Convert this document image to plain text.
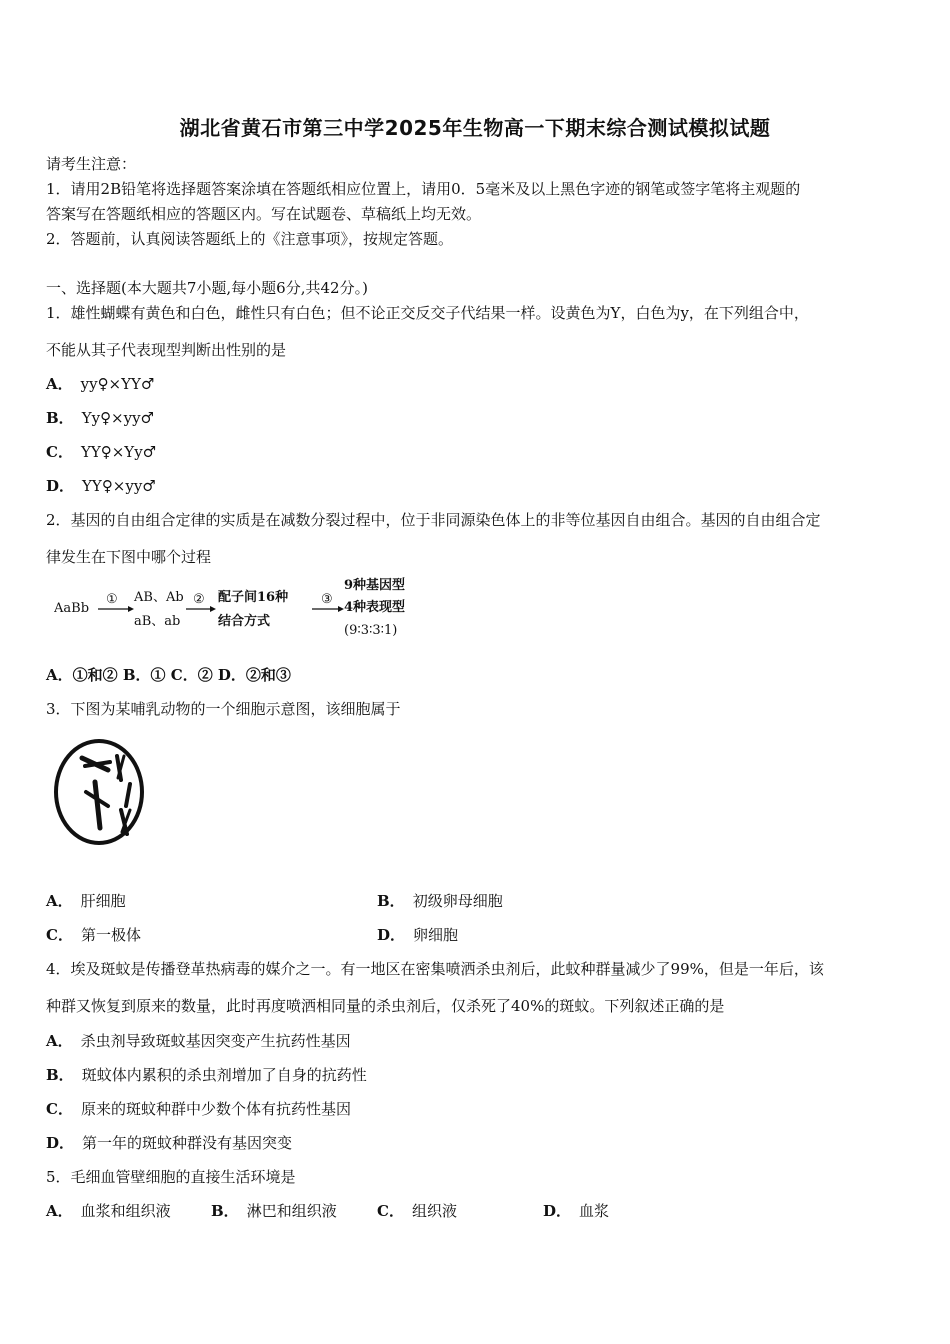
湖北省黄石市第三中学2025年生物高一下期末综合测试模拟试题
请考生注意：
1．请用2B铅笔将选择题答案涂填在答题纸相应位置上，请用0．5毫米及以上黑色字迹的钢笔或签字笔将主观题的
答案写在答题纸相应的答题区内。写在试题卷、草稿纸上均无效。
2．答题前，认真阅读答题纸上的《注意事项》，按规定答题。
一、选择题(本大题共7小题,每小题6分,共42分。)
1．雄性蝴蝶有黄色和白色，雌性只有白色；但不论正交反交子代结果一样。设黄色为Y，白色为y，在下列组合中，
不能从其子代表现型判断出性别的是
A． yy♀×YY♂
B． Yy♀×yy♂
C． YY♀×Yy♂
D． YY♀×yy♂
2．基因的自由组合定律的实质是在减数分裂过程中，位于非同源染色体上的非等位基因自由组合。基因的自由组合定
律发生在下图中哪个过程
AaBb
① AB、Ab
aB、ab
② 配子间16种
结合方式
③
9种基因型
4种表现型
(9∶3∶3∶1)
A．①和② B．① C．② D．②和③
3．下图为某哺乳动物的一个细胞示意图，该细胞属于
A． 肝细胞	B． 初级卵母细胞
C． 第一极体	D． 卵细胞
4．埃及斑蚊是传播登革热病毒的媒介之一。有一地区在密集喷洒杀虫剂后，此蚊种群量减少了99%，但是一年后，该
种群又恢复到原来的数量，此时再度喷洒相同量的杀虫剂后，仅杀死了40%的斑蚊。下列叙述正确的是
A． 杀虫剂导致斑蚊基因突变产生抗药性基因
B． 斑蚊体内累积的杀虫剂增加了自身的抗药性
C． 原来的斑蚊种群中少数个体有抗药性基因
D． 第一年的斑蚊种群没有基因突变
5．毛细血管壁细胞的直接生活环境是
A． 血浆和组织液	B． 淋巴和组织液	C． 组织液	D． 血浆
